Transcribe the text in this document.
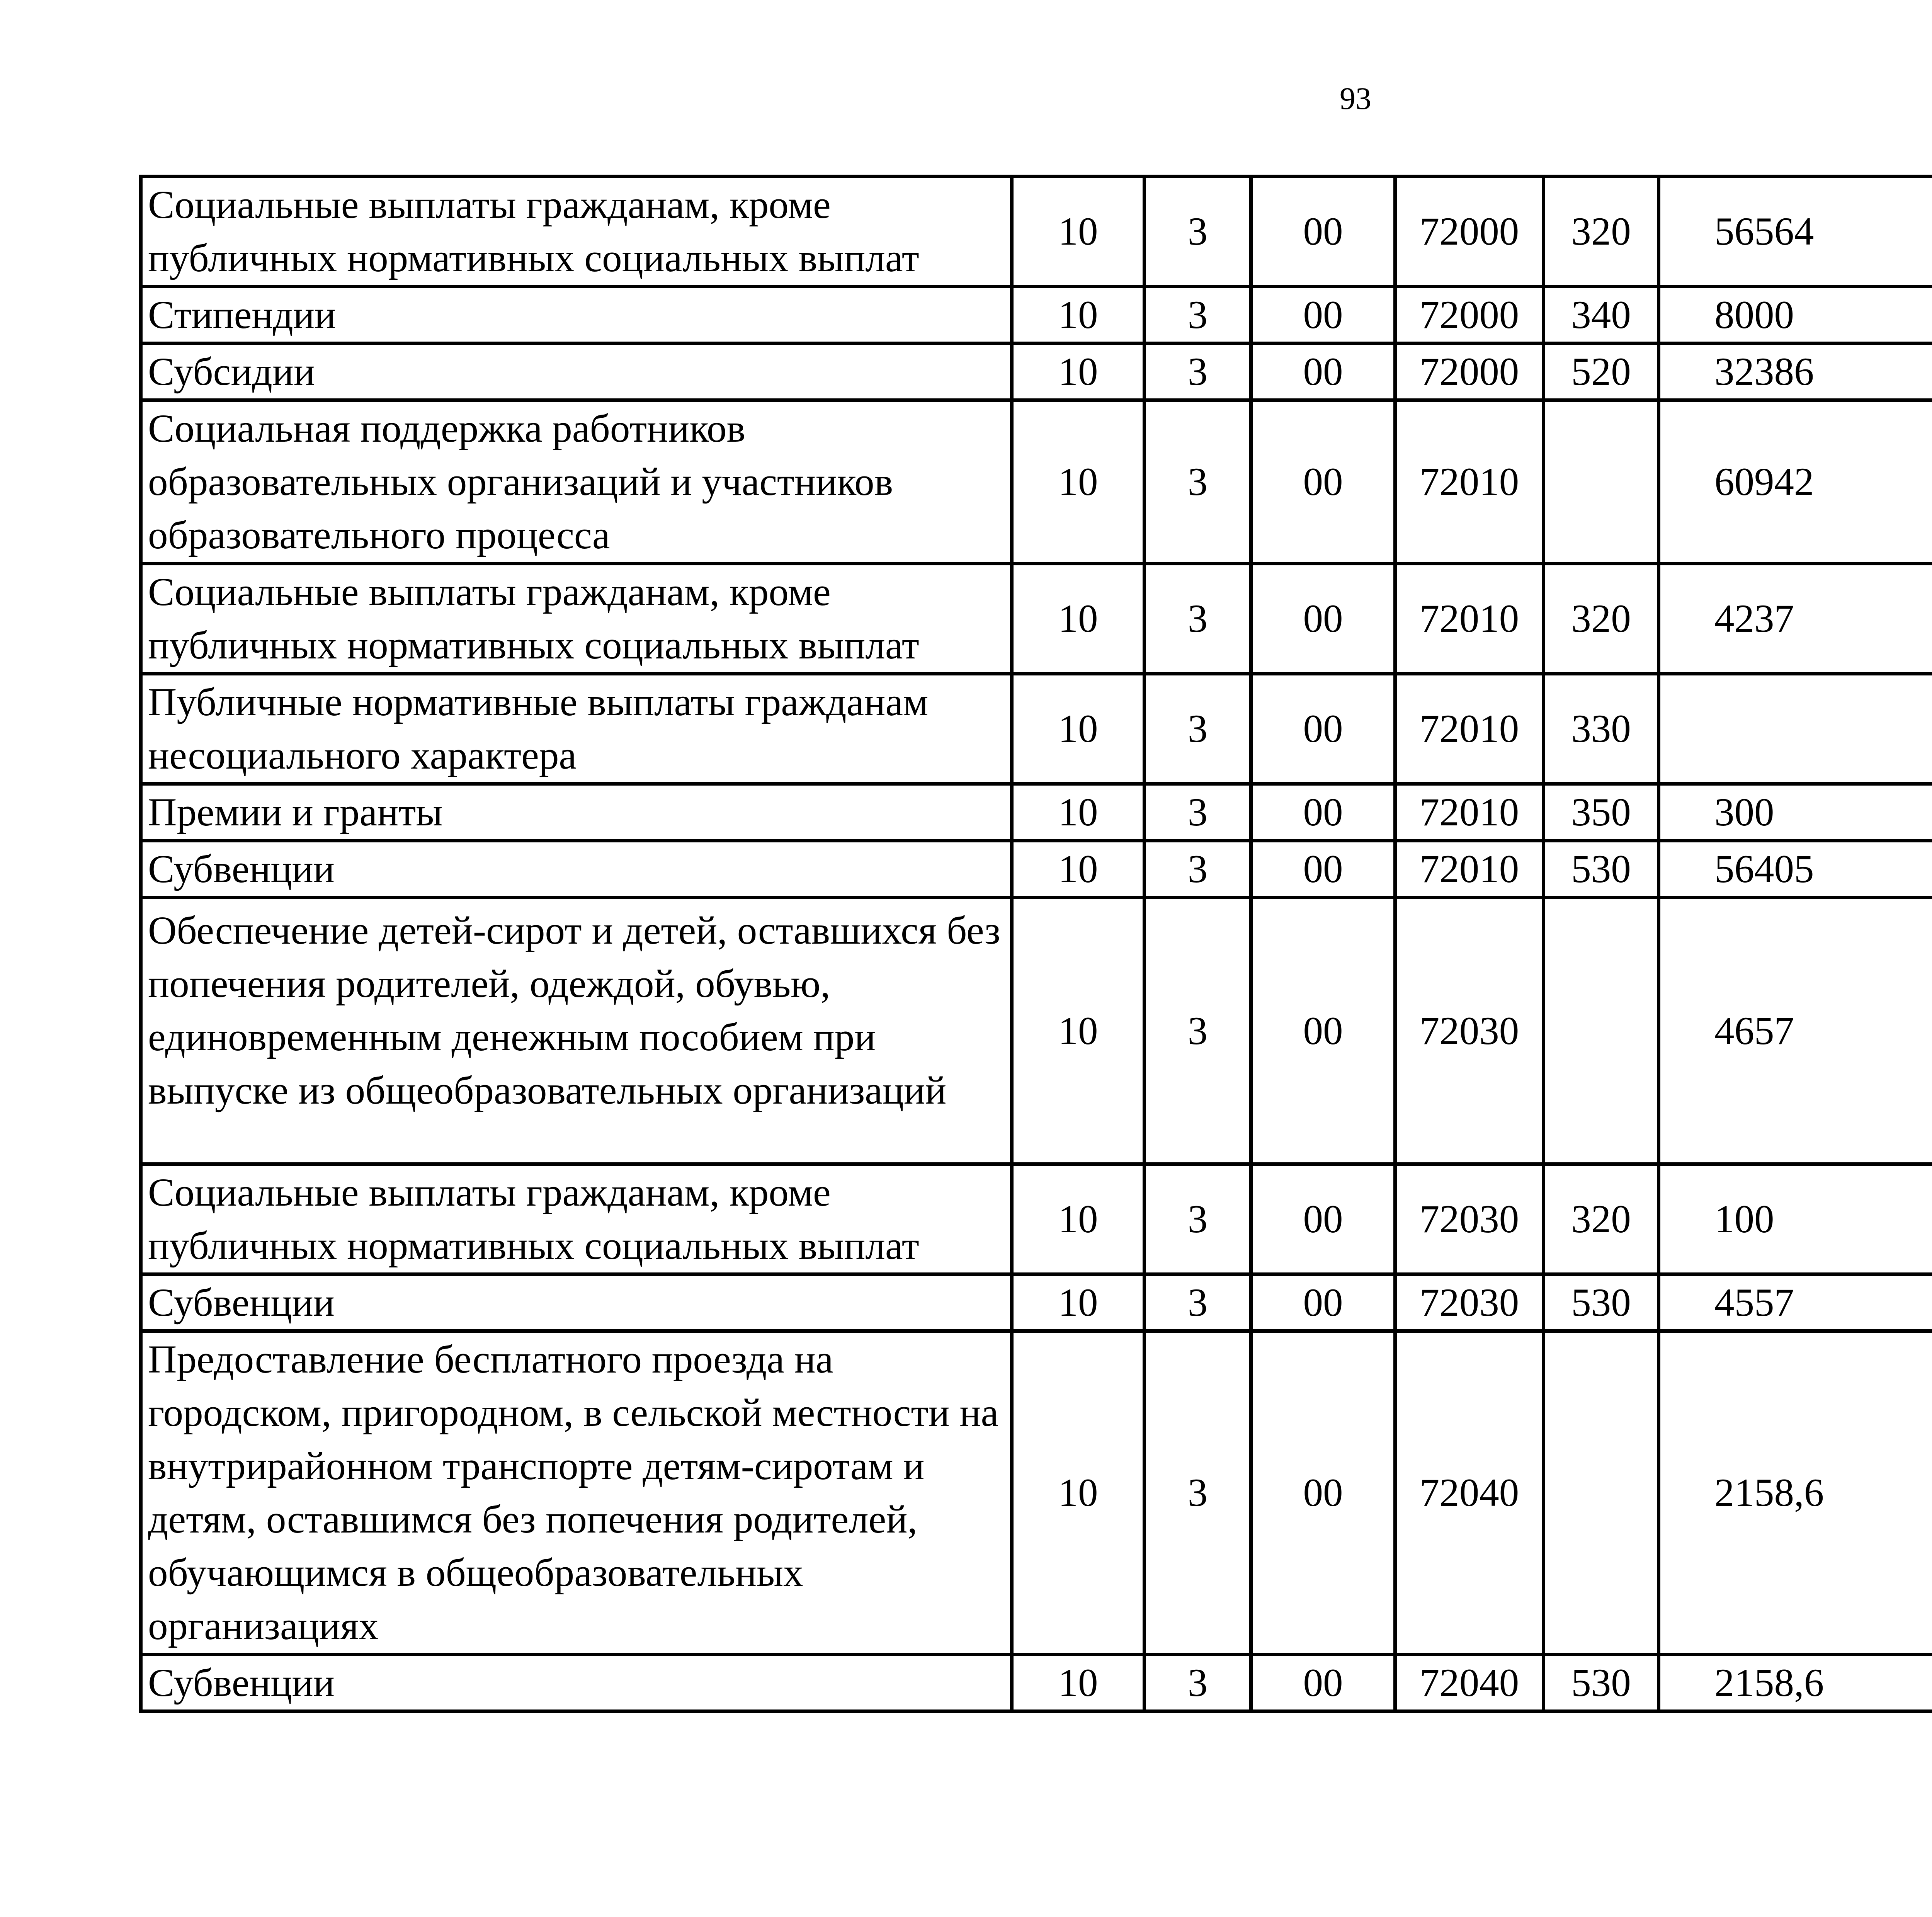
93
Социальные выплаты гражданам, кроме публичных нормативных социальных выплат	10	3	00	72000	320	56564		
Стипендии	10	3	00	72000	340	8000		
Субсидии	10	3	00	72000	520	32386		
Социальная поддержка работников образовательных организаций и участников образовательного процесса	10	3	00	72010		60942		
Социальные выплаты гражданам, кроме публичных нормативных социальных выплат	10	3	00	72010	320	4237		
Публичные нормативные выплаты гражданам несоциального характера	10	3	00	72010	330			
Премии и гранты	10	3	00	72010	350	300		
Субвенции	10	3	00	72010	530	56405		
Обеспечение детей-сирот и детей, оставшихся без попечения родителей, одеждой, обувью, единовременным денежным пособием при выпуске из общеобразовательных организаций	10	3	00	72030		4657		
Социальные выплаты гражданам, кроме публичных нормативных социальных выплат	10	3	00	72030	320	100		
Субвенции	10	3	00	72030	530	4557		
Предоставление бесплатного проезда на городском, пригородном, в сельской местности на внутрирайонном транспорте детям-сиротам и детям, оставшимся без попечения родителей, обучающимся в общеобразовательных организациях	10	3	00	72040		2158,6		
Субвенции	10	3	00	72040	530	2158,6		
